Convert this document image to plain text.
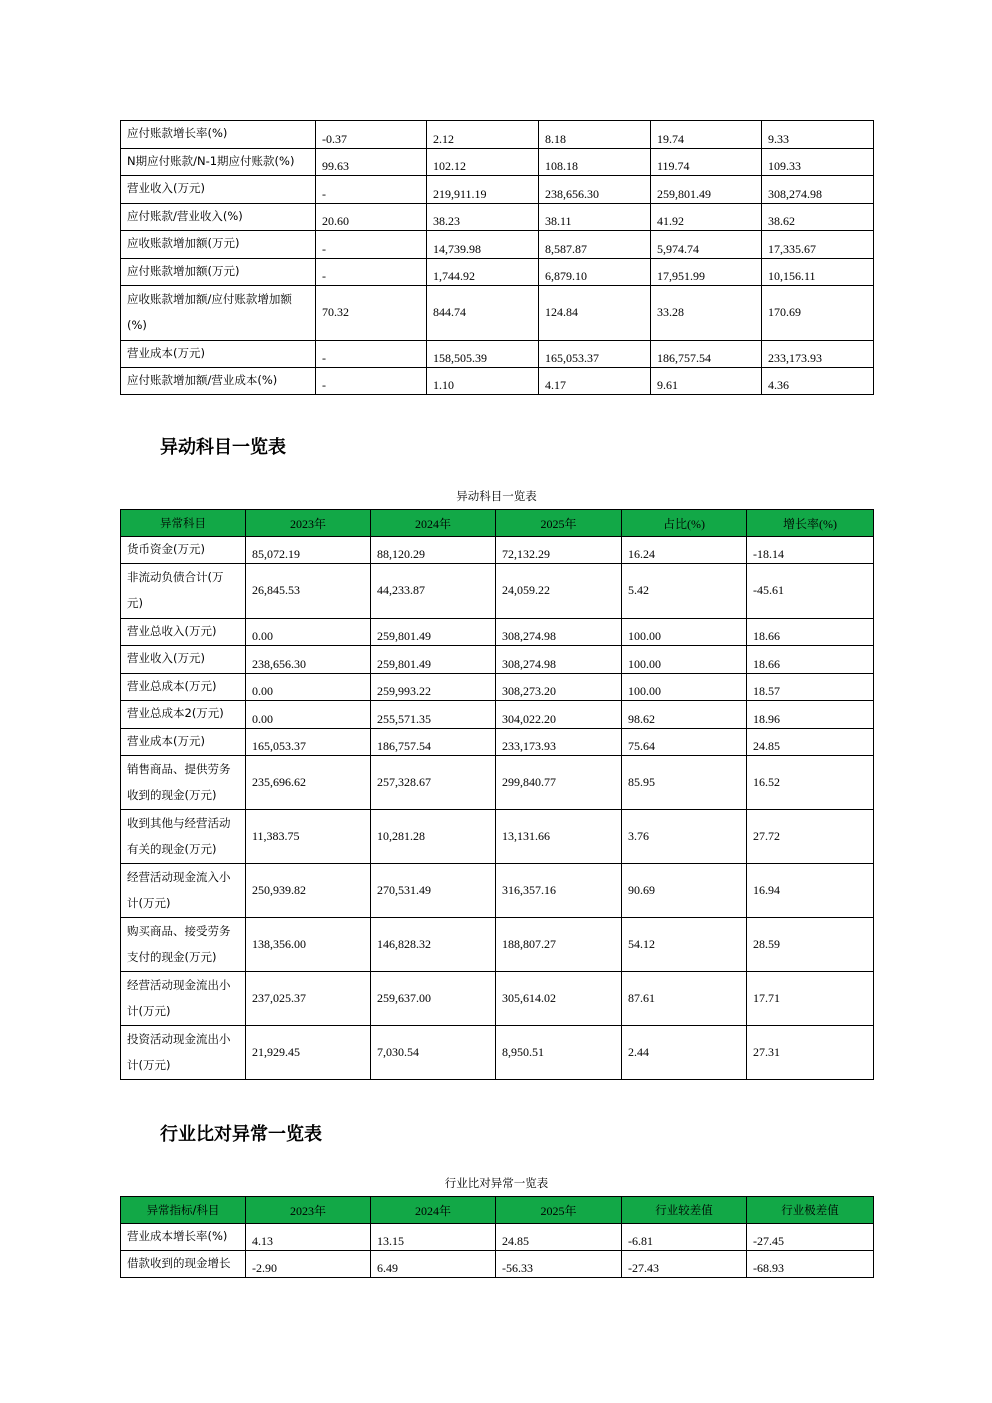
应付账款增长率(%)	-0.37	2.12	8.18	19.74	9.33
N期应付账款/N-1期应付账款(%)	99.63	102.12	108.18	119.74	109.33
营业收入(万元)	-	219,911.19	238,656.30	259,801.49	308,274.98
应付账款/营业收入(%)	20.60	38.23	38.11	41.92	38.62
应收账款增加额(万元)	-	14,739.98	8,587.87	5,974.74	17,335.67
应付账款增加额(万元)	-	1,744.92	6,879.10	17,951.99	10,156.11
应收账款增加额/应付账款增加额(%)	70.32	844.74	124.84	33.28	170.69
营业成本(万元)	-	158,505.39	165,053.37	186,757.54	233,173.93
应付账款增加额/营业成本(%)	-	1.10	4.17	9.61	4.36
异动科目一览表
异动科目一览表
异常科目	2023年	2024年	2025年	占比(%)	增长率(%)
货币资金(万元)	85,072.19	88,120.29	72,132.29	16.24	-18.14
非流动负债合计(万元)	26,845.53	44,233.87	24,059.22	5.42	-45.61
营业总收入(万元)	0.00	259,801.49	308,274.98	100.00	18.66
营业收入(万元)	238,656.30	259,801.49	308,274.98	100.00	18.66
营业总成本(万元)	0.00	259,993.22	308,273.20	100.00	18.57
营业总成本2(万元)	0.00	255,571.35	304,022.20	98.62	18.96
营业成本(万元)	165,053.37	186,757.54	233,173.93	75.64	24.85
销售商品、提供劳务收到的现金(万元)	235,696.62	257,328.67	299,840.77	85.95	16.52
收到其他与经营活动有关的现金(万元)	11,383.75	10,281.28	13,131.66	3.76	27.72
经营活动现金流入小计(万元)	250,939.82	270,531.49	316,357.16	90.69	16.94
购买商品、接受劳务支付的现金(万元)	138,356.00	146,828.32	188,807.27	54.12	28.59
经营活动现金流出小计(万元)	237,025.37	259,637.00	305,614.02	87.61	17.71
投资活动现金流出小计(万元)	21,929.45	7,030.54	8,950.51	2.44	27.31
行业比对异常一览表
行业比对异常一览表
异常指标/科目	2023年	2024年	2025年	行业较差值	行业极差值
营业成本增长率(%)	4.13	13.15	24.85	-6.81	-27.45
借款收到的现金增长	-2.90	6.49	-56.33	-27.43	-68.93
